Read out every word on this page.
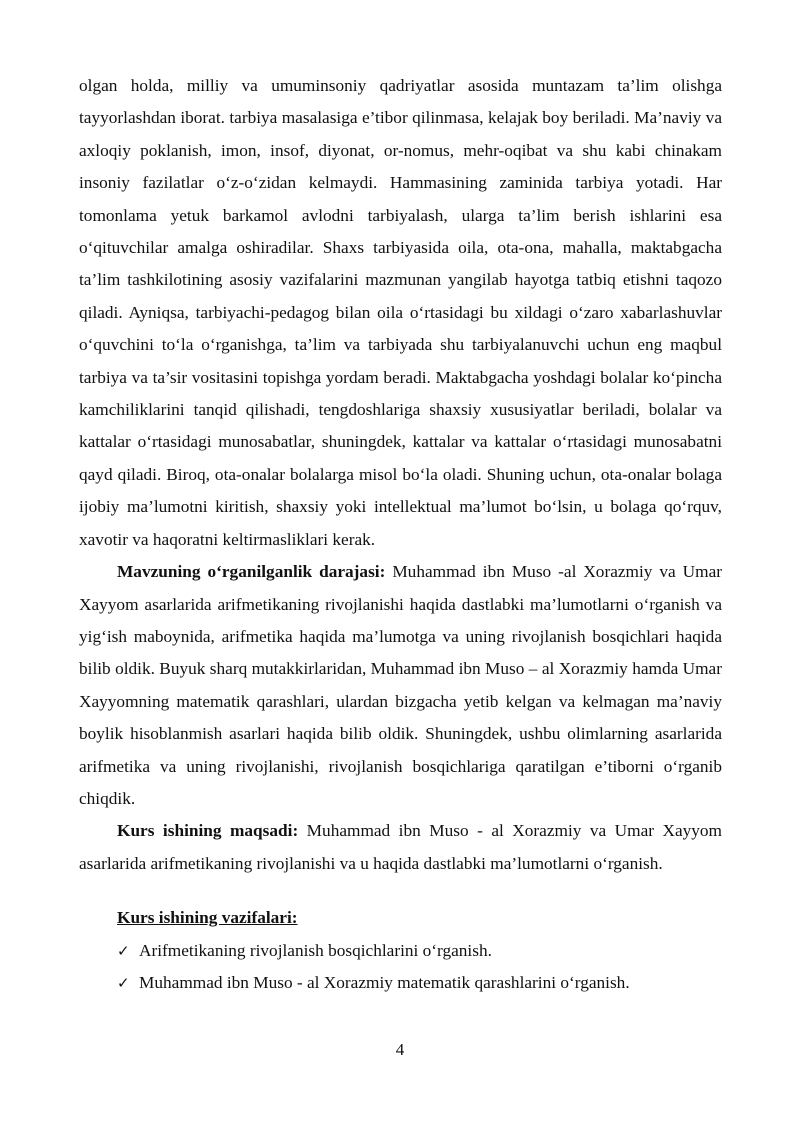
olgan holda, milliy va umuminsoniy qadriyatlar asosida muntazam ta’lim olishga tayyorlashdan iborat. tarbiya masalasiga e’tibor qilinmasa, kelajak boy beriladi. Ma’naviy va axloqiy poklanish, imon, insof, diyonat, or-nomus, mehr-oqibat va shu kabi chinakam insoniy fazilatlar o‘z-o‘zidan kelmaydi. Hammasining zaminida tarbiya yotadi. Har tomonlama yetuk barkamol avlodni tarbiyalash, ularga ta’lim berish ishlarini esa o‘qituvchilar amalga oshiradilar. Shaxs tarbiyasida oila, ota-ona, mahalla, maktabgacha ta’lim tashkilotining asosiy vazifalarini mazmunan yangilab hayotga tatbiq etishni taqozo qiladi. Ayniqsa, tarbiyachi-pedagog bilan oila o‘rtasidagi bu xildagi o‘zaro xabarlashuvlar o‘quvchini to‘la o‘rganishga, ta’lim va tarbiyada shu tarbiyalanuvchi uchun eng maqbul tarbiya va ta’sir vositasini topishga yordam beradi. Maktabgacha yoshdagi bolalar ko‘pincha kamchiliklarini tanqid qilishadi, tengdoshlariga shaxsiy xususiyatlar beriladi, bolalar va kattalar o‘rtasidagi munosabatlar, shuningdek, kattalar va kattalar o‘rtasidagi munosabatni qayd qiladi. Biroq, ota-onalar bolalarga misol bo‘la oladi. Shuning uchun, ota-onalar bolaga ijobiy ma’lumotni kiritish, shaxsiy yoki intellektual ma’lumot bo‘lsin, u bolaga qo‘rquv, xavotir va haqoratni keltirmasliklari kerak.

Mavzuning o‘rganilganlik darajasi: Muhammad ibn Muso -al Xorazmiy va Umar Xayyom asarlarida arifmetikaning rivojlanishi haqida dastlabki ma’lumotlarni o‘rganish va yig‘ish maboynida, arifmetika haqida ma’lumotga va uning rivojlanish bosqichlari haqida bilib oldik. Buyuk sharq mutakkirlaridan, Muhammad ibn Muso – al Xorazmiy hamda Umar Xayyomning matematik qarashlari, ulardan bizgacha yetib kelgan va kelmagan ma’naviy boylik hisoblanmish asarlari haqida bilib oldik. Shuningdek, ushbu olimlarning asarlarida arifmetika va uning rivojlanishi, rivojlanish bosqichlariga qaratilgan e’tiborni o‘rganib chiqdik.

Kurs ishining maqsadi: Muhammad ibn Muso - al Xorazmiy va Umar Xayyom asarlarida arifmetikaning rivojlanishi va u haqida dastlabki ma’lumotlarni o‘rganish.

Kurs ishining vazifalari:

✓ Arifmetikaning rivojlanish bosqichlarini o‘rganish.
✓ Muhammad ibn Muso - al Xorazmiy matematik qarashlarini o‘rganish.
4
